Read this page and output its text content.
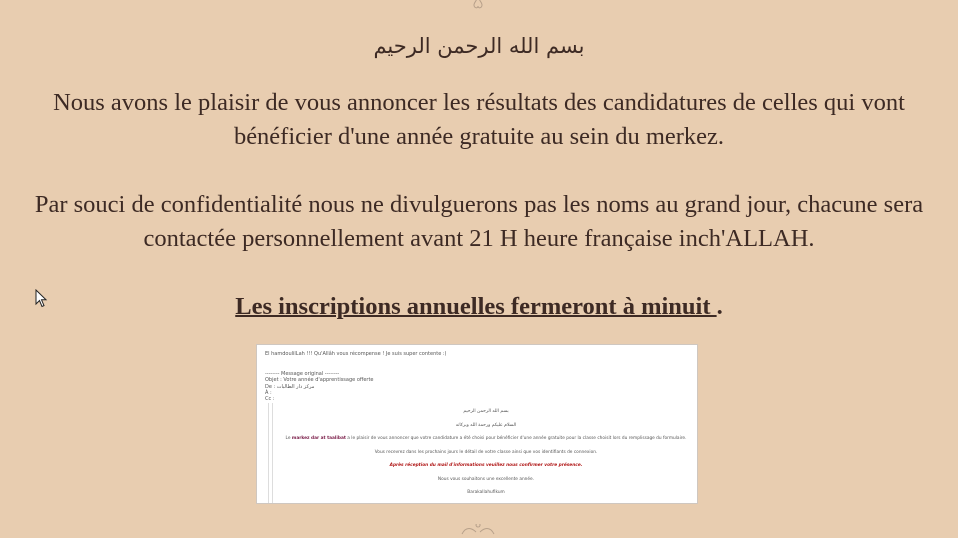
بسم الله الرحمن الرحيم
Nous avons le plaisir de vous annoncer les résultats des candidatures de celles qui vont
bénéficier d'une année gratuite au sein du merkez.
Par souci de confidentialité nous ne divulguerons pas les noms au grand jour, chacune sera
contactée personnellement avant 21 H heure française inch'ALLAH.
Les inscriptions annuelles fermeront à minuit .
El hamdoulilLah !!! Qu'Allâh vous récompense ! Je suis super contente :)
-------- Message original --------
Objet : Votre année d'apprentissage offerte
De : مركز دار الطالبات
À :
Cc :
بسم الله الرحمن الرحيم
السلام عليكم ورحمة الله وبركاته
Le markez dar at taalibat a le plaisir de vous annoncer que votre candidature a été choisi pour bénéficier d'une année gratuite pour la classe choisit lors du remplissage du formulaire.
Vous recevrez dans les prochains jours le détail de votre classe ainsi que vos identifiants de connexion.
Après réception du mail d'informations veuillez nous confirmer votre présence.
Nous vous souhaitons une excellente année.
Barakallahufikum
